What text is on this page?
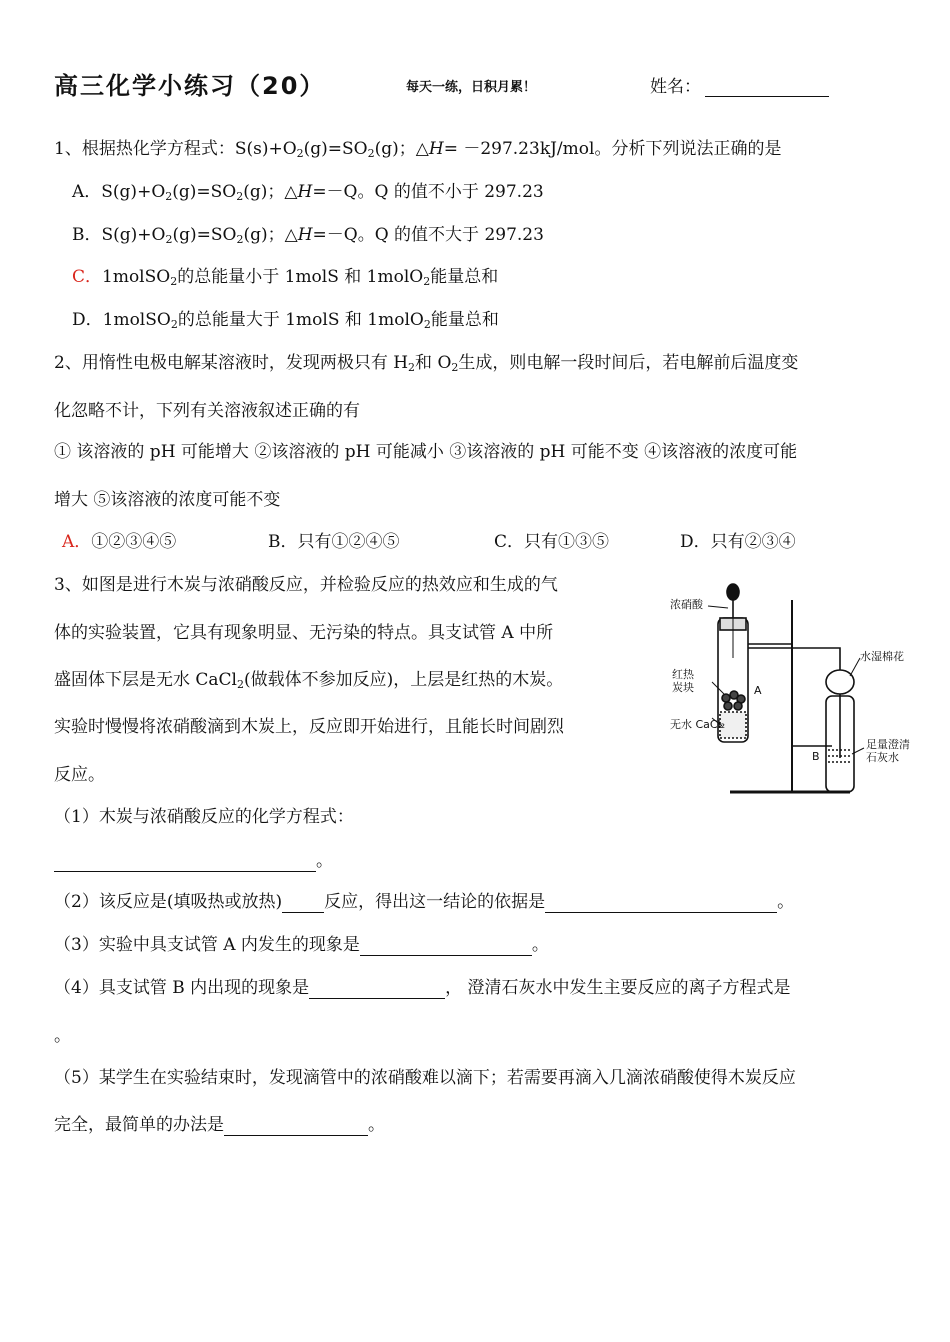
高三化学小练习（20）	每天一练，日积月累！	姓名：
1、根据热化学方程式：$S(s)+O_2(g)=SO_2(g)$；△H= －297.23kJ/mol。分析下列说法正确的是
A．$S(g)+O_2(g)=SO_2(g)$；△H=－Q。Q 的值不小于 297.23
B．$S(g)+O_2(g)=SO_2(g)$；△H=－Q。Q 的值不大于 297.23
C．1molSO$_2$的总能量小于 1molS 和 1molO$_2$能量总和
D．1molSO$_2$的总能量大于 1molS 和 1molO$_2$能量总和
2、用惰性电极电解某溶液时，发现两极只有 $H_2$和 $O_2$生成，则电解一段时间后，若电解前后温度变
化忽略不计，下列有关溶液叙述正确的有
① 该溶液的 pH 可能增大 ②该溶液的 pH 可能减小 ③该溶液的 pH 可能不变 ④该溶液的浓度可能
增大 ⑤该溶液的浓度可能不变
A．①②③④⑤	B．只有①②④⑤	C．只有①③⑤	D．只有②③④
3、如图是进行木炭与浓硝酸反应，并检验反应的热效应和生成的气
体的实验装置，它具有现象明显、无污染的特点。具支试管 A 中所
盛固体下层是无水 CaCl$_2$(做载体不参加反应)，上层是红热的木炭。
实验时慢慢将浓硝酸滴到木炭上，反应即开始进行，且能长时间剧烈
反应。
（1）木炭与浓硝酸反应的化学方程式：
。
（2）该反应是(填吸热或放热) 反应，得出这一结论的依据是	。
（3）实验中具支试管 A 内发生的现象是	。
（4）具支试管 B 内出现的现象是	， 澄清石灰水中发生主要反应的离子方程式是
。
（5）某学生在实验结束时，发现滴管中的浓硝酸难以滴下；若需要再滴入几滴浓硝酸使得木炭反应
完全，最简单的办法是	。
浓硝酸
水湿棉花
红热
炭块	A
无水 CaCl₂
B
足量澄清
石灰水
